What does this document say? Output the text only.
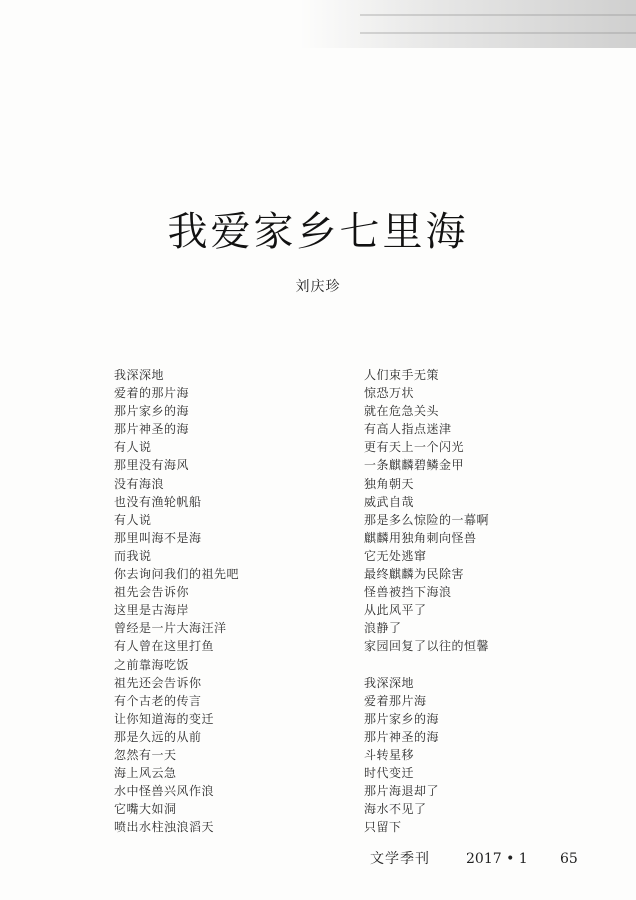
我爱家乡七里海
刘庆珍
我深深地
爱着的那片海
那片家乡的海
那片神圣的海
有人说
那里没有海风
没有海浪
也没有渔轮帆船
有人说
那里叫海不是海
而我说
你去询问我们的祖先吧
祖先会告诉你
这里是古海岸
曾经是一片大海汪洋
有人曾在这里打鱼
之前靠海吃饭
祖先还会告诉你
有个古老的传言
让你知道海的变迁
那是久远的从前
忽然有一天
海上风云急
水中怪兽兴风作浪
它嘴大如洞
喷出水柱浊浪滔天
人们束手无策
惊恐万状
就在危急关头
有高人指点迷津
更有天上一个闪光
一条麒麟碧鳞金甲
独角朝天
威武自哉
那是多么惊险的一幕啊
麒麟用独角刺向怪兽
它无处逃窜
最终麒麟为民除害
怪兽被挡下海浪
从此风平了
浪静了
家园回复了以往的恒馨
我深深地
爱着那片海
那片家乡的海
那片神圣的海
斗转星移
时代变迁
那片海退却了
海水不见了
只留下
文学季刊	2017 • 1 65
